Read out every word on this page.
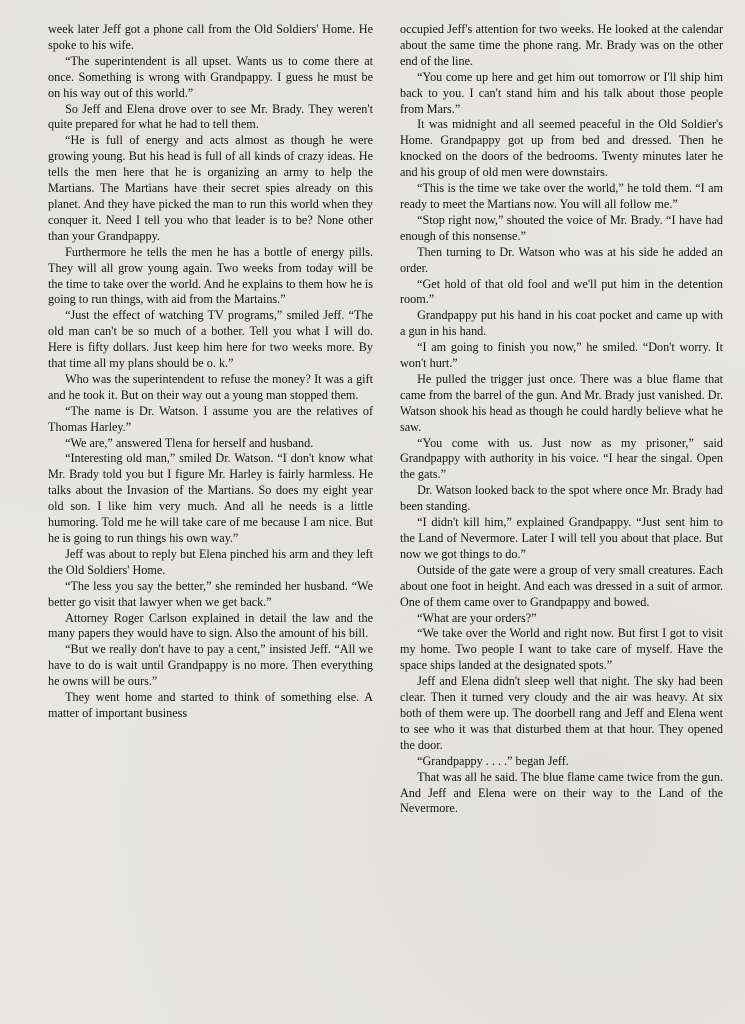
week later Jeff got a phone call from the Old Soldiers' Home. He spoke to his wife.

“The superintendent is all upset. Wants us to come there at once. Something is wrong with Grandpappy. I guess he must be on his way out of this world.”

So Jeff and Elena drove over to see Mr. Brady. They weren't quite prepared for what he had to tell them.

“He is full of energy and acts almost as though he were growing young. But his head is full of all kinds of crazy ideas. He tells the men here that he is organizing an army to help the Martians. The Martians have their secret spies already on this planet. And they have picked the man to run this world when they conquer it. Need I tell you who that leader is to be? None other than your Grandpappy.

Furthermore he tells the men he has a bottle of energy pills. They will all grow young again. Two weeks from today will be the time to take over the world. And he explains to them how he is going to run things, with aid from the Martains.”

“Just the effect of watching TV programs,” smiled Jeff. “The old man can't be so much of a bother. Tell you what I will do. Here is fifty dollars. Just keep him here for two weeks more. By that time all my plans should be o. k.”

Who was the superintendent to refuse the money? It was a gift and he took it. But on their way out a young man stopped them.

“The name is Dr. Watson. I assume you are the relatives of Thomas Harley.”

“We are,” answered Tlena for herself and husband.

“Interesting old man,” smiled Dr. Watson. “I don't know what Mr. Brady told you but I figure Mr. Harley is fairly harmless. He talks about the Invasion of the Martians. So does my eight year old son. I like him very much. And all he needs is a little humoring. Told me he will take care of me because I am nice. But he is going to run things his own way.”

Jeff was about to reply but Elena pinched his arm and they left the Old Soldiers' Home.

“The less you say the better,” she reminded her husband. “We better go visit that lawyer when we get back.”

Attorney Roger Carlson explained in detail the law and the many papers they would have to sign. Also the amount of his bill.

“But we really don't have to pay a cent,” insisted Jeff. “All we have to do is wait until Grandpappy is no more. Then everything he owns will be ours.”

They went home and started to think of something else. A matter of important business

occupied Jeff's attention for two weeks. He looked at the calendar about the same time the phone rang. Mr. Brady was on the other end of the line.

“You come up here and get him out tomorrow or I'll ship him back to you. I can't stand him and his talk about those people from Mars.”

It was midnight and all seemed peaceful in the Old Soldier's Home. Grandpappy got up from bed and dressed. Then he knocked on the doors of the bedrooms. Twenty minutes later he and his group of old men were downstairs.

“This is the time we take over the world,” he told them. “I am ready to meet the Martians now. You will all follow me.”

“Stop right now,” shouted the voice of Mr. Brady. “I have had enough of this nonsense.”

Then turning to Dr. Watson who was at his side he added an order.

“Get hold of that old fool and we'll put him in the detention room.”

Grandpappy put his hand in his coat pocket and came up with a gun in his hand.

“I am going to finish you now,” he smiled. “Don't worry. It won't hurt.”

He pulled the trigger just once. There was a blue flame that came from the barrel of the gun. And Mr. Brady just vanished. Dr. Watson shook his head as though he could hardly believe what he saw.

“You come with us. Just now as my prisoner,” said Grandpappy with authority in his voice. “I hear the singal. Open the gats.”

Dr. Watson looked back to the spot where once Mr. Brady had been standing.

“I didn't kill him,” explained Grandpappy. “Just sent him to the Land of Nevermore. Later I will tell you about that place. But now we got things to do.”

Outside of the gate were a group of very small creatures. Each about one foot in height. And each was dressed in a suit of armor. One of them came over to Grandpappy and bowed.

“What are your orders?”

“We take over the World and right now. But first I got to visit my home. Two people I want to take care of myself. Have the space ships landed at the designated spots.”

Jeff and Elena didn't sleep well that night. The sky had been clear. Then it turned very cloudy and the air was heavy. At six both of them were up. The doorbell rang and Jeff and Elena went to see who it was that disturbed them at that hour. They opened the door.

“Grandpappy . . . .” began Jeff.

That was all he said. The blue flame came twice from the gun. And Jeff and Elena were on their way to the Land of the Nevermore.
